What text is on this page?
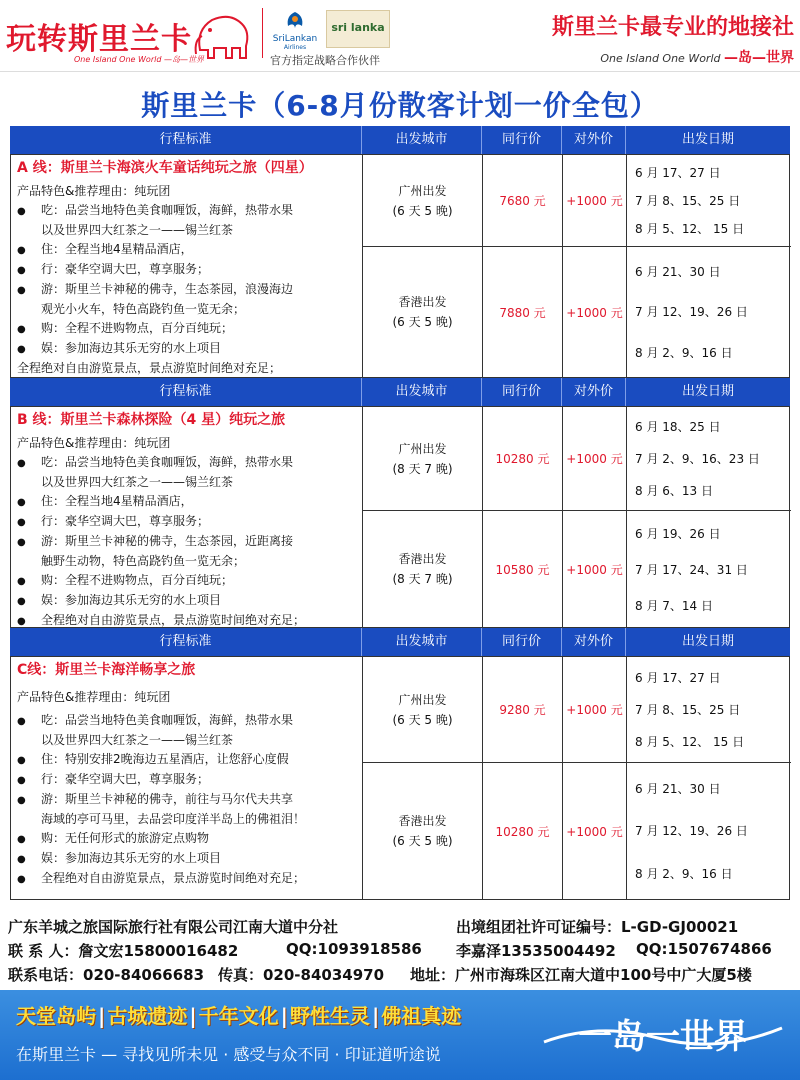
玩转斯里兰卡
One Island One World —岛—世界
SriLankan
Airlines
sri lanka
官方指定战略合作伙伴
斯里兰卡最专业的地接社
One Island One World —岛—世界
斯里兰卡（6-8月份散客计划一价全包）
行程标准	出发城市	同行价	对外价	出发日期
A 线：斯里兰卡海滨火车童话纯玩之旅（四星）
产品特色&推荐理由：纯玩团
● 吃：品尝当地特色美食咖喱饭，海鲜，热带水果
以及世界四大红茶之一——锡兰红茶
● 住：全程当地4星精品酒店，
● 行：豪华空调大巴，尊享服务；
● 游：斯里兰卡神秘的佛寺，生态茶园，浪漫海边
观光小火车，特色高跷钓鱼一览无余；
● 购：全程不进购物点，百分百纯玩；
● 娱：参加海边其乐无穷的水上项目
全程绝对自由游览景点，景点游览时间绝对充足；
广州出发
(6 天 5 晚)
7680 元	+1000 元
6 月 17、27 日
7 月 8、15、25 日
8 月 5、12、 15 日
香港出发
(6 天 5 晚)
7880 元	+1000 元
6 月 21、30 日
7 月 12、19、26 日
8 月 2、9、16 日
行程标准	出发城市	同行价	对外价	出发日期
B 线：斯里兰卡森林探险（4 星）纯玩之旅
产品特色&推荐理由：纯玩团
● 吃：品尝当地特色美食咖喱饭，海鲜，热带水果
以及世界四大红茶之一——锡兰红茶
● 住：全程当地4星精品酒店，
● 行：豪华空调大巴，尊享服务；
● 游：斯里兰卡神秘的佛寺，生态茶园，近距离接
触野生动物，特色高跷钓鱼一览无余；
● 购：全程不进购物点，百分百纯玩；
● 娱：参加海边其乐无穷的水上项目
● 全程绝对自由游览景点，景点游览时间绝对充足；
广州出发
(8 天 7 晚)
10280 元	+1000 元
6 月 18、25 日
7 月 2、9、16、23 日
8 月 6、13 日
香港出发
(8 天 7 晚)
10580 元	+1000 元
6 月 19、26 日
7 月 17、24、31 日
8 月 7、14 日
行程标准	出发城市	同行价	对外价	出发日期
C线：斯里兰卡海洋畅享之旅
产品特色&推荐理由：纯玩团
● 吃：品尝当地特色美食咖喱饭，海鲜，热带水果
以及世界四大红茶之一——锡兰红茶
● 住：特别安排2晚海边五星酒店，让您舒心度假
● 行：豪华空调大巴，尊享服务；
● 游：斯里兰卡神秘的佛寺，前往与马尔代夫共享
海域的亭可马里，去品尝印度洋半岛上的佛祖泪！
● 购：无任何形式的旅游定点购物
● 娱：参加海边其乐无穷的水上项目
● 全程绝对自由游览景点，景点游览时间绝对充足；
广州出发
(6 天 5 晚)
9280 元	+1000 元
6 月 17、27 日
7 月 8、15、25 日
8 月 5、12、 15 日
香港出发
(6 天 5 晚)
10280 元	+1000 元
6 月 21、30 日
7 月 12、19、26 日
8 月 2、9、16 日
广东羊城之旅国际旅行社有限公司江南大道中分社	出境组团社许可证编号：L-GD-GJ00021
联 系 人：詹文宏15800016482	QQ:1093918586 李嘉泽13535004492 QQ:1507674866
联系电话：020-84066683 传真：020-84034970 地址：广州市海珠区江南大道中100号中广大厦5楼
天堂岛屿 | 古城遗迹 | 千年文化 | 野性生灵 | 佛祖真迹
在斯里兰卡 — 寻找见所未见 · 感受与众不同 · 印证道听途说	一岛一世界
